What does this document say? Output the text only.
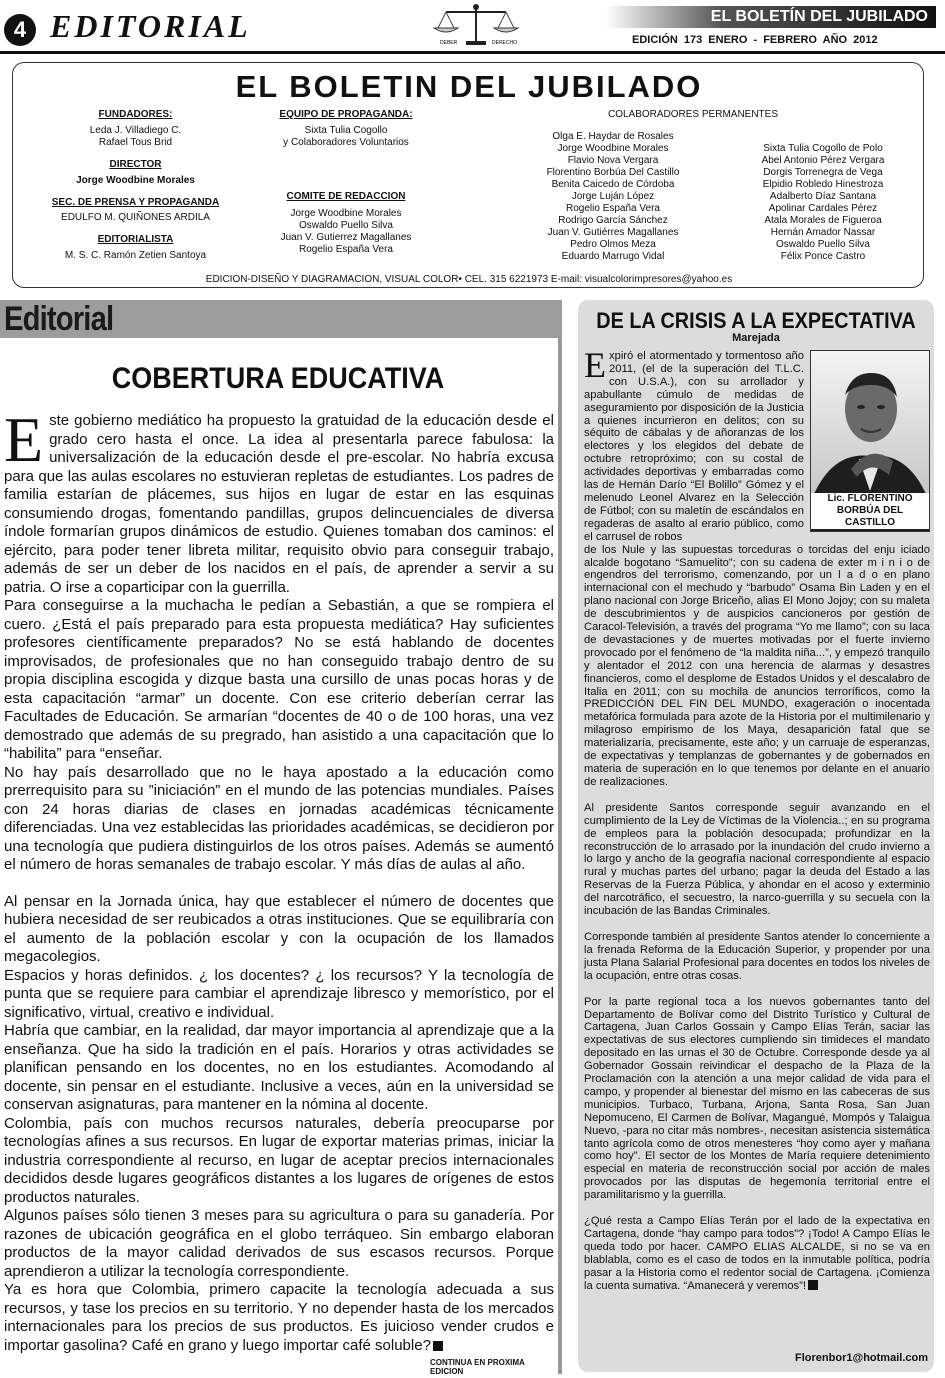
4 EDITORIAL	DEBER	DERECHO
EL BOLETÍN DEL JUBILADO
EDICIÓN 173 ENERO - FEBRERO AÑO 2012
EL BOLETIN DEL JUBILADO
FUNDADORES:
Leda J. Villadiego C.
Rafael Tous Brid
DIRECTOR
Jorge Woodbine Morales
SEC. DE PRENSA Y PROPAGANDA
EDULFO M. QUIÑONES ARDILA
EDITORIALISTA
M. S. C. Ramón Zetien Santoya
EQUIPO DE PROPAGANDA:
Sixta Tulia Cogollo
y Colaboradores Voluntarios
COMITE DE REDACCION
Jorge Woodbine Morales
Oswaldo Puello Silva
Juan V. Gutierrez Magallanes
Rogelio España Vera
COLABORADORES PERMANENTES
Olga E. Haydar de Rosales
Jorge Woodbine Morales
Flavio Nova Vergara
Florentino Borbúa Del Castillo
Benita Caicedo de Córdoba
Jorge Luján López
Rogelio España Vera
Rodrigo García Sánchez
Juan V. Gutiérres Magallanes
Pedro Olmos Meza
Eduardo Marrugo Vidal
Sixta Tulia Cogollo de Polo
Abel Antonio Pérez Vergara
Dorgis Torrenegra de Vega
Elpidio Robledo Hinestroza
Adalberto Díaz Santana
Apolinar Cardales Pérez
Atala Morales de Figueroa
Hernán Amador Nassar
Oswaldo Puello Silva
Félix Ponce Castro
EDICION-DISEÑO Y DIAGRAMACION, VISUAL COLOR• CEL. 315 6221973 E-mail: visualcolorimpresores@yahoo.es
Editorial
COBERTURA EDUCATIVA

Este gobierno mediático ha propuesto la gratuidad de la educación desde el grado cero hasta el once. La idea al presentarla parece fabulosa: la universalización de la educación desde el pre-escolar. No habría excusa para que las aulas escolares no estuvieran repletas de estudiantes. Los padres de familia estarían de plácemes, sus hijos en lugar de estar en las esquinas consumiendo drogas, fomentando pandillas, grupos delincuenciales de diversa índole formarían grupos dinámicos de estudio. Quienes tomaban dos caminos: el ejército, para poder tener libreta militar, requisito obvio para conseguir trabajo, además de ser un deber de los nacidos en el país, de aprender a servir a su patria. O irse a coparticipar con la guerrilla.

Para conseguirse a la muchacha le pedían a Sebastián, a que se rompiera el cuero. ¿Está el país preparado para esta propuesta mediática? Hay suficientes profesores científicamente preparados? No se está hablando de docentes improvisados, de profesionales que no han conseguido trabajo dentro de su propia disciplina escogida y dizque basta una cursillo de unas pocas horas y de esta capacitación “armar” un docente. Con ese criterio deberían cerrar las Facultades de Educación. Se armarían “docentes de 40 o de 100 horas, una vez demostrado que además de su pregrado, han asistido a una capacitación que lo “habilita” para “enseñar.

No hay país desarrollado que no le haya apostado a la educación como prerrequisito para su ”iniciación” en el mundo de las potencias mundiales. Países con 24 horas diarias de clases en jornadas académicas técnicamente diferenciadas. Una vez establecidas las prioridades académicas, se decidieron por una tecnología que pudiera distinguirlos de los otros países. Además se aumentó el número de horas semanales de trabajo escolar. Y más días de aulas al año.

Al pensar en la Jornada única, hay que establecer el número de docentes que hubiera necesidad de ser reubicados a otras instituciones. Que se equilibraría con el aumento de la población escolar y con la ocupación de los llamados megacolegios.

Espacios y horas definidos. ¿ los docentes? ¿ los recursos? Y la tecnología de punta que se requiere para cambiar el aprendizaje libresco y memorístico, por el significativo, virtual, creativo e individual.

Habría que cambiar, en la realidad, dar mayor importancia al aprendizaje que a la enseñanza. Que ha sido la tradición en el país. Horarios y otras actividades se planifican pensando en los docentes, no en los estudiantes. Acomodando al docente, sin pensar en el estudiante. Inclusive a veces, aún en la universidad se conservan asignaturas, para mantener en la nómina al docente.

Colombia, país con muchos recursos naturales, debería preocuparse por tecnologías afines a sus recursos. En lugar de exportar materias primas, iniciar la industria correspondiente al recurso, en lugar de aceptar precios internacionales decididos desde lugares geográficos distantes a los lugares de orígenes de estos productos naturales.

Algunos países sólo tienen 3 meses para su agricultura o para su ganadería. Por razones de ubicación geográfica en el globo terráqueo. Sin embargo elaboran productos de la mayor calidad derivados de sus escasos recursos. Porque aprendieron a utilizar la tecnología correspondiente.

Ya es hora que Colombia, primero capacite la tecnología adecuada a sus recursos, y tase los precios en su territorio. Y no depender hasta de los mercados internacionales para los precios de sus productos. Es juicioso vender crudos e importar gasolina? Café en grano y luego importar café soluble?

CONTINUA EN PROXIMA EDICION
DE LA CRISIS A LA EXPECTATIVA
Marejada
Lic. FLORENTINO
BORBÚA DEL CASTILLO
Expiró el atormentado y tormentoso año 2011, (el de la superación del T.L.C. con U.S.A.), con su arrollador y apabullante cúmulo de medidas de aseguramiento por disposición de la Justicia a quienes incurrieron en delitos; con su séquito de cábalas y de añoranzas de los electores y los elegidos del debate de octubre retropróximo; con su costal de actividades deportivas y embarradas como las de Hernán Darío “El Bolillo” Gómez y el melenudo Leonel Alvarez en la Selección de Fútbol; con su maletín de escándalos en regaderas de asalto al erario público, como el carrusel de robos

de los Nule y las supuestas torceduras o torcidas del enju iciado alcalde bogotano “Samuelito”; con su cadena de exter m i n i o de engendros del terrorismo, comenzando, por un l a d o en plano internacional con el mechudo y “barbudo” Osama Bin Laden y en el plano nacional con Jorge Briceño, alias El Mono Jojoy; con su maleta de descubrimientos y de auspicios cancioneros por gestión de Caracol-Televisión, a través del programa “Yo me llamo”; con su laca de devastaciones y de muertes motivadas por el fuerte invierno provocado por el fenómeno de “la maldita niña...”, y empezó tranquilo y alentador el 2012 con una herencia de alarmas y desastres financieros, como el desplome de Estados Unidos y el descalabro de Italia en 2011; con su mochila de anuncios terroríficos, como la PREDICCIÓN DEL FIN DEL MUNDO, exageración o inocentada metafórica formulada para azote de la Historia por el multimilenario y milagroso empirismo de los Maya, desaparición fatal que se materializaría, precisamente, este año; y un carruaje de esperanzas, de expectativas y templanzas de gobernantes y de gobernados en materia de superación en lo que tenemos por delante en el anuario de realizaciones.

Al presidente Santos corresponde seguir avanzando en el cumplimiento de la Ley de Víctimas de la Violencia..; en su programa de empleos para la población desocupada; profundizar en la reconstrucción de lo arrasado por la inundación del crudo invierno a lo largo y ancho de la geografía nacional correspondiente al espacio rural y muchas partes del urbano; pagar la deuda del Estado a las Reservas de la Fuerza Pública, y ahondar en el acoso y exterminio del narcotráfico, el secuestro, la narco-guerrilla y su secuela con la incubación de las Bandas Criminales.

Corresponde también al presidente Santos atender lo concerniente a la frenada Reforma de la Educación Superior, y propender por una justa Plana Salarial Profesional para docentes en todos los niveles de la ocupación, entre otras cosas.

Por la parte regional toca a los nuevos gobernantes tanto del Departamento de Bolívar como del Distrito Turístico y Cultural de Cartagena, Juan Carlos Gossain y Campo Elías Terán, saciar las expectativas de sus electores cumpliendo sin timideces el mandato depositado en las urnas el 30 de Octubre. Corresponde desde ya al Gobernador Gossain reivindicar el despacho de la Plaza de la Proclamación con la atención a una mejor calidad de vida para el campo, y propender al bienestar del mismo en las cabeceras de sus municipios. Turbaco, Turbana, Arjona, Santa Rosa, San Juan Nepomuceno, El Carmen de Bolívar, Magangué, Mompós y Talaigua Nuevo, -para no citar más nombres-, necesitan asistencia sistemática tanto agrícola como de otros menesteres “hoy como ayer y mañana como hoy”. El sector de los Montes de María requiere detenimiento especial en materia de reconstrucción social por acción de males provocados por las disputas de hegemonía territorial entre el paramilitarismo y la guerrilla.

¿Qué resta a Campo Elías Terán por el lado de la expectativa en Cartagena, donde “hay campo para todos”? ¡Todo! A Campo Elías le queda todo por hacer. CAMPO ELIAS ALCALDE, si no se va en blablabla, como es el caso de todos en la inmutable política, podría pasar a la Historia como el redentor social de Cartagena. ¡Comienza la cuenta sumativa. “Amanecerá y veremos”!

Florenbor1@hotmail.com
